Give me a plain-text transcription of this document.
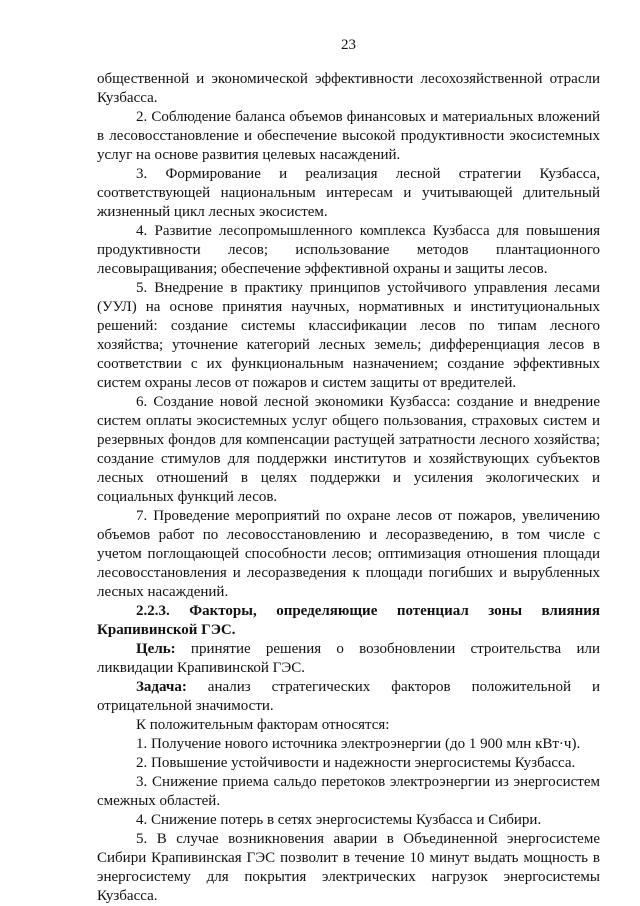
23

общественной и экономической эффективности лесохозяйственной отрасли Кузбасса.

2. Соблюдение баланса объемов финансовых и материальных вложений в лесовосстановление и обеспечение высокой продуктивности экосистемных услуг на основе развития целевых насаждений.

3. Формирование и реализация лесной стратегии Кузбасса, соответствующей национальным интересам и учитывающей длительный жизненный цикл лесных экосистем.

4. Развитие лесопромышленного комплекса Кузбасса для повышения продуктивности лесов; использование методов плантационного лесовыращивания; обеспечение эффективной охраны и защиты лесов.

5. Внедрение в практику принципов устойчивого управления лесами (УУЛ) на основе принятия научных, нормативных и институциональных решений: создание системы классификации лесов по типам лесного хозяйства; уточнение категорий лесных земель; дифференциация лесов в соответствии с их функциональным назначением; создание эффективных систем охраны лесов от пожаров и систем защиты от вредителей.

6. Создание новой лесной экономики Кузбасса: создание и внедрение систем оплаты экосистемных услуг общего пользования, страховых систем и резервных фондов для компенсации растущей затратности лесного хозяйства; создание стимулов для поддержки институтов и хозяйствующих субъектов лесных отношений в целях поддержки и усиления экологических и социальных функций лесов.

7. Проведение мероприятий по охране лесов от пожаров, увеличению объемов работ по лесовосстановлению и лесоразведению, в том числе с учетом поглощающей способности лесов; оптимизация отношения площади лесовосстановления и лесоразведения к площади погибших и вырубленных лесных насаждений.

2.2.3. Факторы, определяющие потенциал зоны влияния Крапивинской ГЭС.

Цель: принятие решения о возобновлении строительства или ликвидации Крапивинской ГЭС.

Задача: анализ стратегических факторов положительной и отрицательной значимости.

К положительным факторам относятся:

1. Получение нового источника электроэнергии (до 1 900 млн кВт·ч).

2. Повышение устойчивости и надежности энергосистемы Кузбасса.

3. Снижение приема сальдо перетоков электроэнергии из энергосистем смежных областей.

4. Снижение потерь в сетях энергосистемы Кузбасса и Сибири.

5. В случае возникновения аварии в Объединенной энергосистеме Сибири Крапивинская ГЭС позволит в течение 10 минут выдать мощность в энергосистему для покрытия электрических нагрузок энергосистемы Кузбасса.
